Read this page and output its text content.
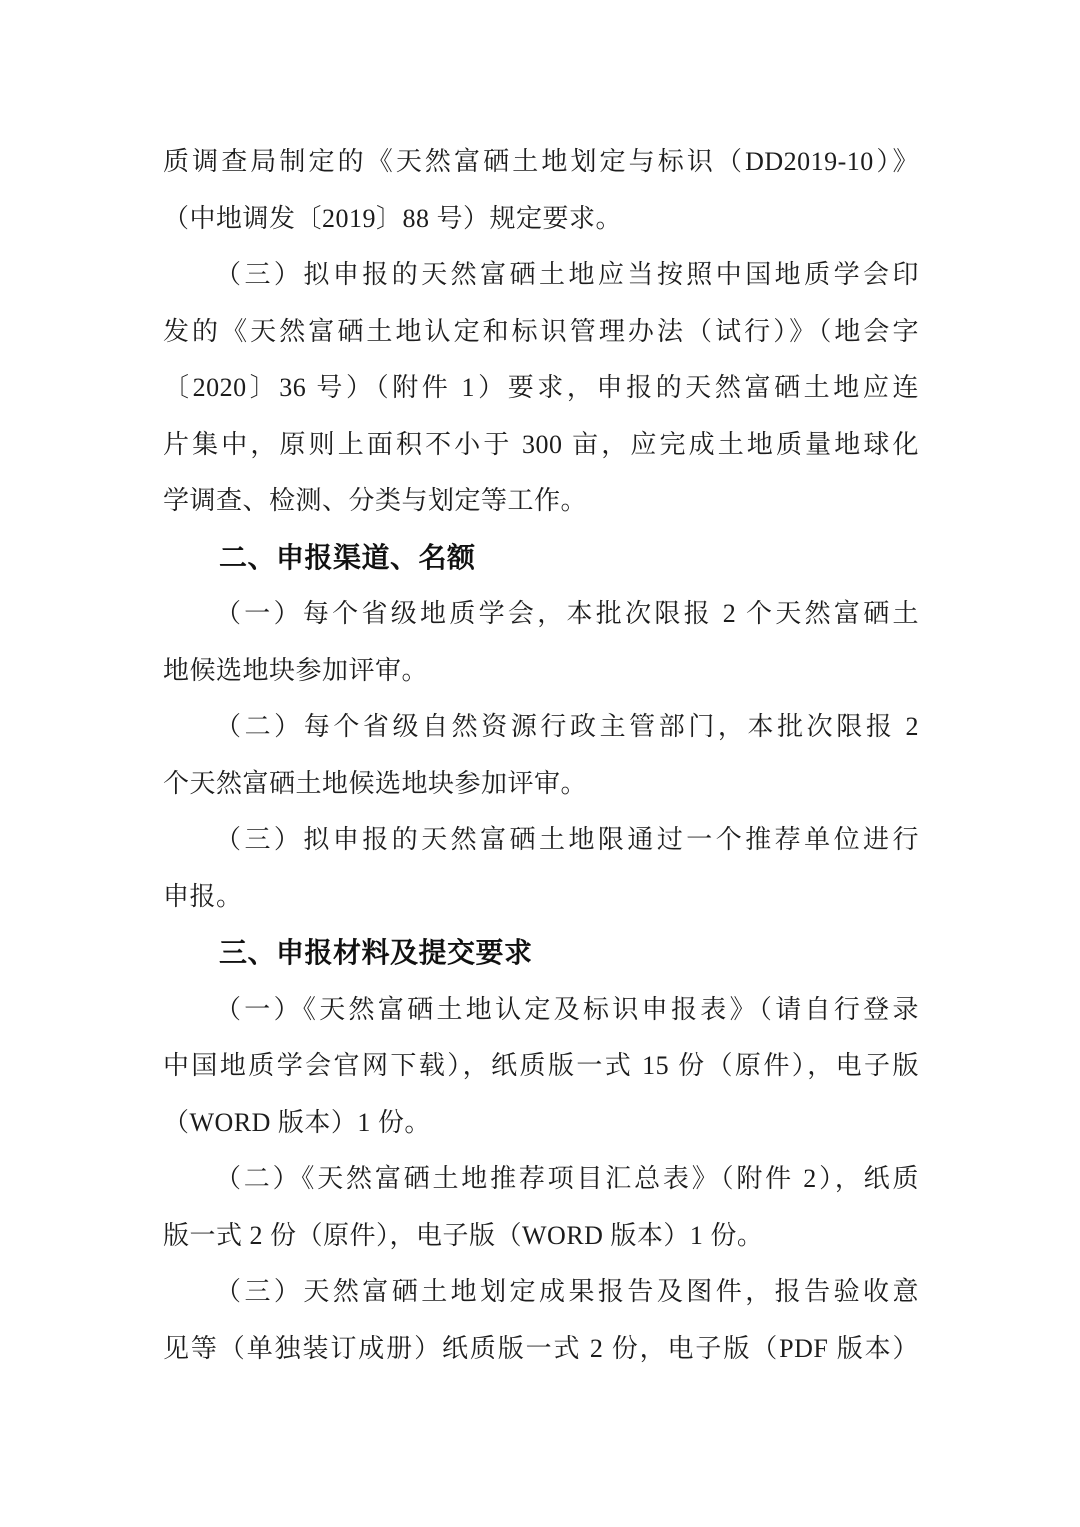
质调查局制定的《天然富硒土地划定与标识（DD2019-10）》
（中地调发〔2019〕88 号）规定要求。
（三）拟申报的天然富硒土地应当按照中国地质学会印
发的《天然富硒土地认定和标识管理办法（试行）》（地会字
〔2020〕36 号）（附件 1）要求，申报的天然富硒土地应连
片集中，原则上面积不小于 300 亩，应完成土地质量地球化
学调查、检测、分类与划定等工作。
二、申报渠道、名额
（一）每个省级地质学会，本批次限报 2 个天然富硒土
地候选地块参加评审。
（二）每个省级自然资源行政主管部门，本批次限报 2
个天然富硒土地候选地块参加评审。
（三）拟申报的天然富硒土地限通过一个推荐单位进行
申报。
三、申报材料及提交要求
（一）《天然富硒土地认定及标识申报表》（请自行登录
中国地质学会官网下载），纸质版一式 15 份（原件），电子版
（WORD 版本）1 份。
（二）《天然富硒土地推荐项目汇总表》（附件 2），纸质
版一式 2 份（原件），电子版（WORD 版本）1 份。
（三）天然富硒土地划定成果报告及图件，报告验收意
见等（单独装订成册）纸质版一式 2 份，电子版（PDF 版本）
